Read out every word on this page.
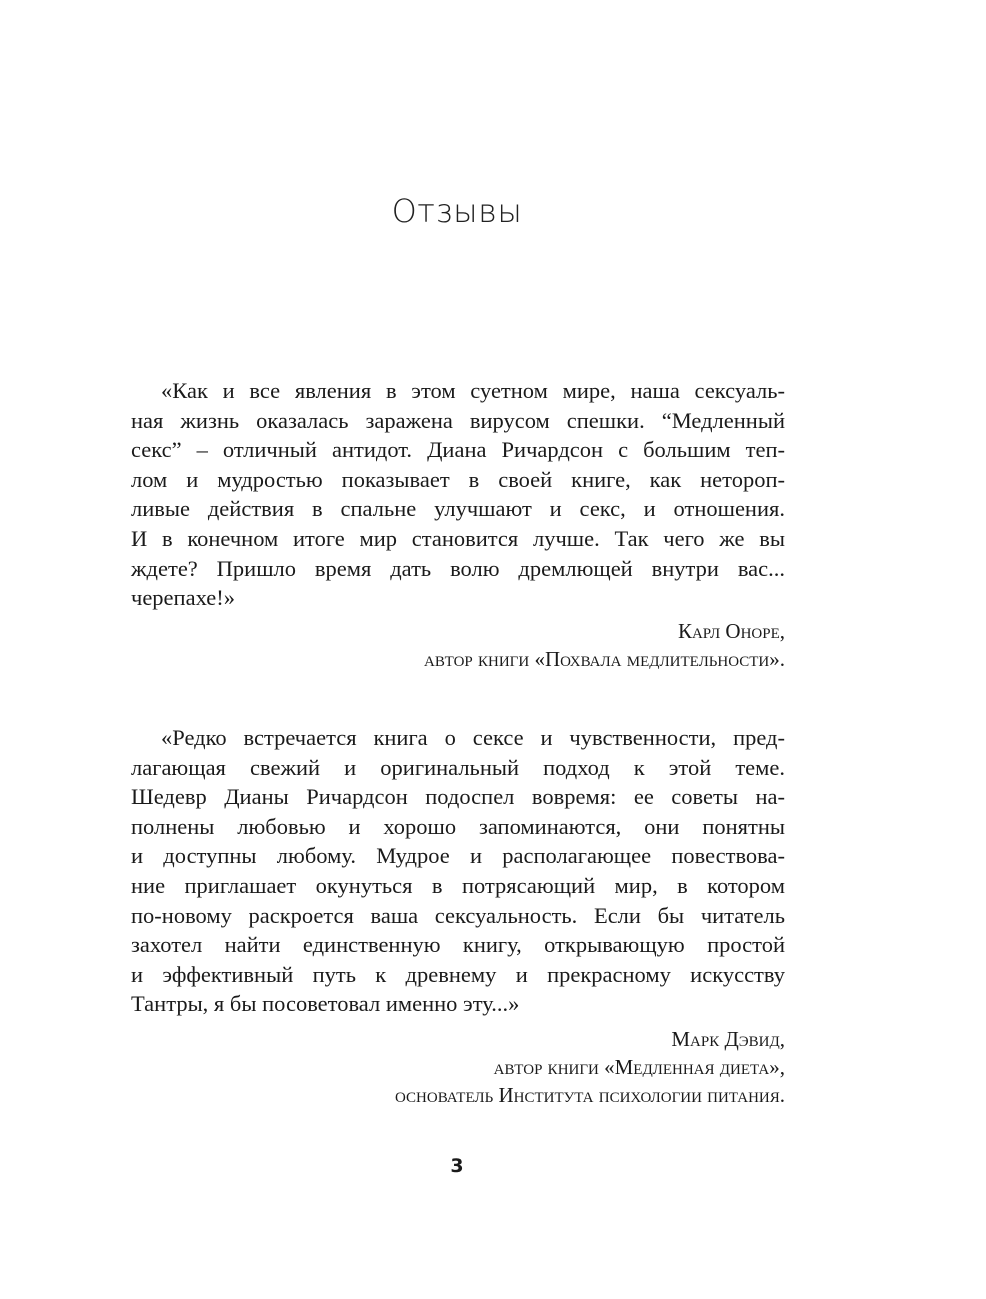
Отзывы
«Как и все явления в этом суетном мире, наша сексуаль-
ная жизнь оказалась заражена вирусом спешки. “Медленный
секс” – отличный антидот. Диана Ричардсон с большим теп-
лом и мудростью показывает в своей книге, как нетороп-
ливые действия в спальне улучшают и секс, и отношения.
И в конечном итоге мир становится лучше. Так чего же вы
ждете? Пришло время дать волю дремлющей внутри вас...
черепахе!»
Карл Оноре,
автор книги «Похвала медлительности».
«Редко встречается книга о сексе и чувственности, пред-
лагающая свежий и оригинальный подход к этой теме.
Шедевр Дианы Ричардсон подоспел вовремя: ее советы на-
полнены любовью и хорошо запоминаются, они понятны
и доступны любому. Мудрое и располагающее повествова-
ние приглашает окунуться в потрясающий мир, в котором
по-новому раскроется ваша сексуальность. Если бы читатель
захотел найти единственную книгу, открывающую простой
и эффективный путь к древнему и прекрасному искусству
Тантры, я бы посоветовал именно эту...»
Марк Дэвид,
автор книги «Медленная диета»,
основатель Института психологии питания.
3
